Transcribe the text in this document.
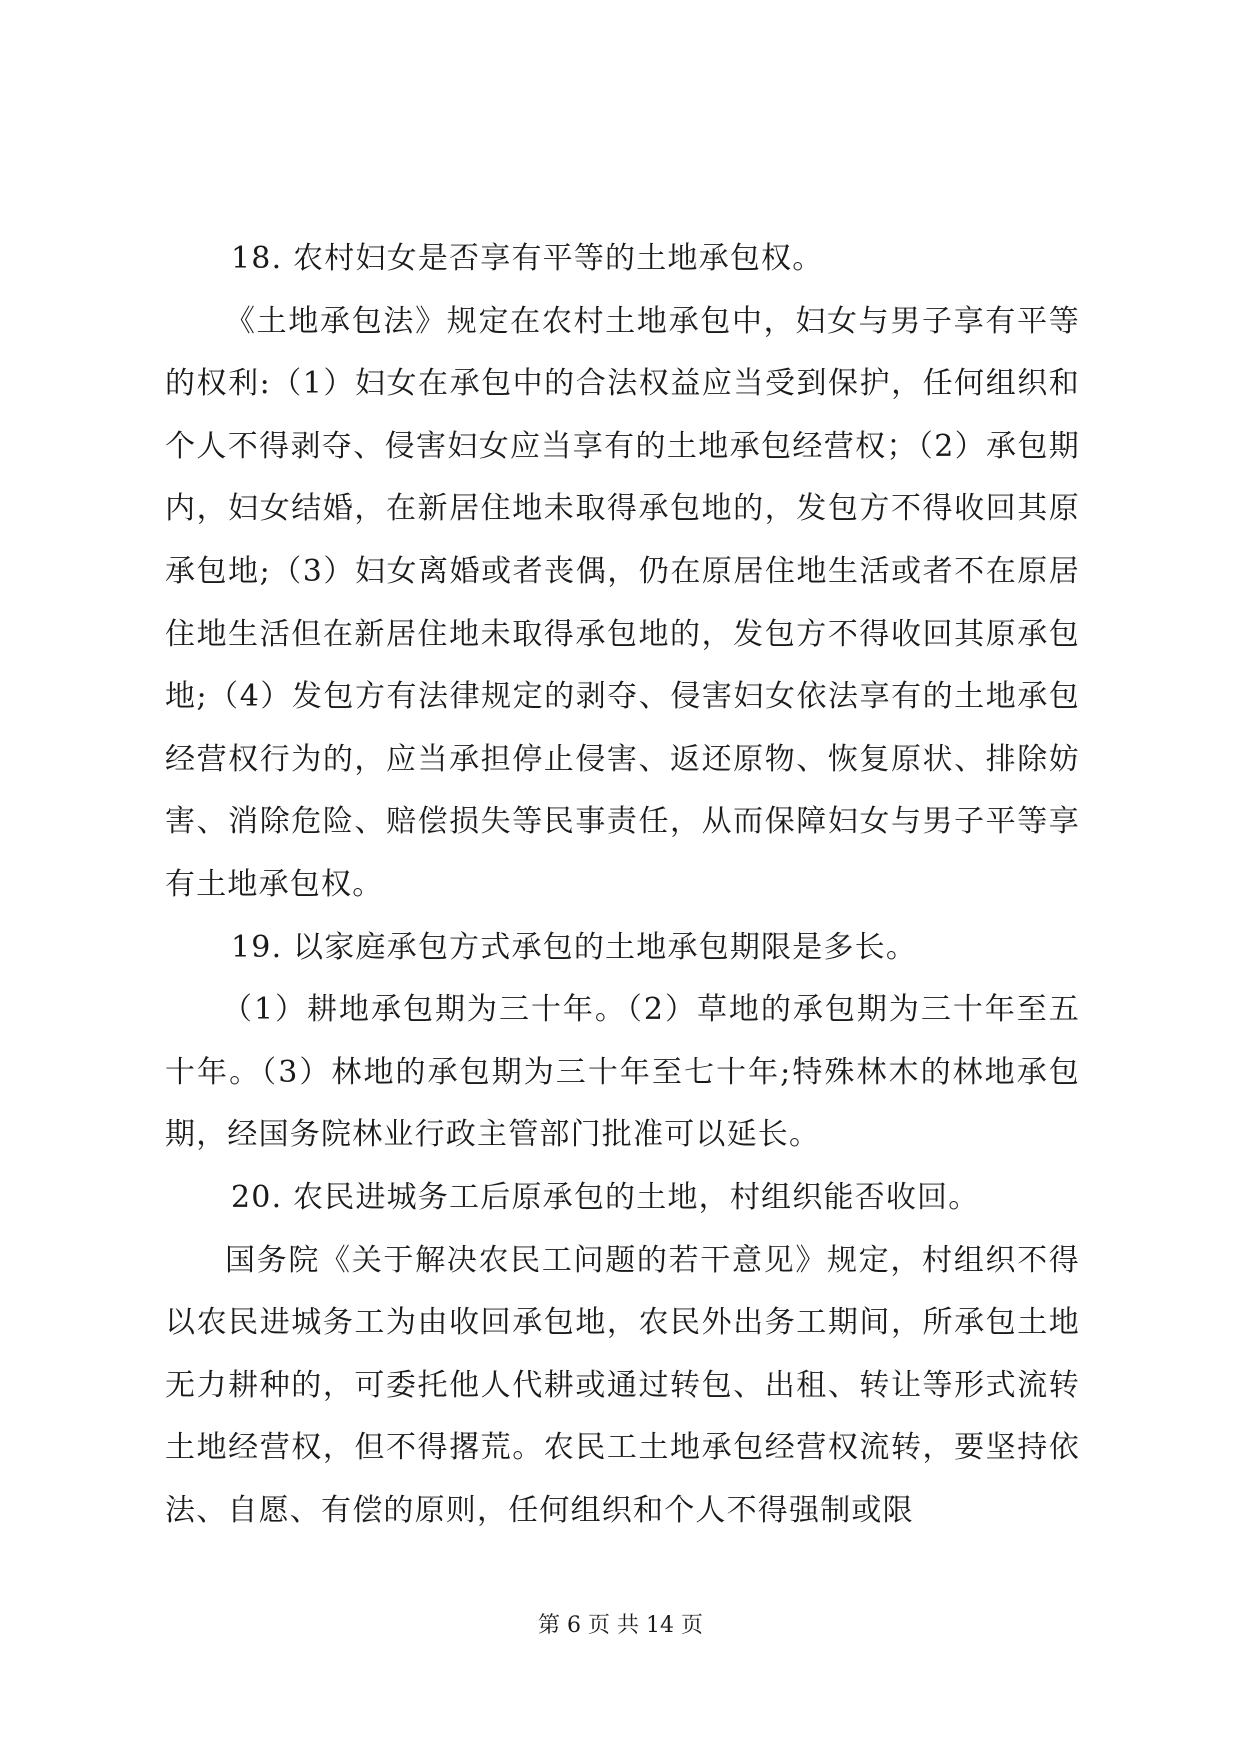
18. 农村妇女是否享有平等的土地承包权。

《土地承包法》规定在农村土地承包中，妇女与男子享有平等的权利:（1）妇女在承包中的合法权益应当受到保护，任何组织和个人不得剥夺、侵害妇女应当享有的土地承包经营权；（2）承包期内，妇女结婚，在新居住地未取得承包地的，发包方不得收回其原承包地;（3）妇女离婚或者丧偶，仍在原居住地生活或者不在原居住地生活但在新居住地未取得承包地的，发包方不得收回其原承包地;（4）发包方有法律规定的剥夺、侵害妇女依法享有的土地承包经营权行为的，应当承担停止侵害、返还原物、恢复原状、排除妨害、消除危险、赔偿损失等民事责任，从而保障妇女与男子平等享有土地承包权。

19. 以家庭承包方式承包的土地承包期限是多长。

（1）耕地承包期为三十年。（2）草地的承包期为三十年至五十年。（3）林地的承包期为三十年至七十年;特殊林木的林地承包期，经国务院林业行政主管部门批准可以延长。

20. 农民进城务工后原承包的土地，村组织能否收回。

国务院《关于解决农民工问题的若干意见》规定，村组织不得以农民进城务工为由收回承包地，农民外出务工期间，所承包土地无力耕种的，可委托他人代耕或通过转包、出租、转让等形式流转土地经营权，但不得撂荒。农民工土地承包经营权流转，要坚持依法、自愿、有偿的原则，任何组织和个人不得强制或限

第 6 页 共 14 页
